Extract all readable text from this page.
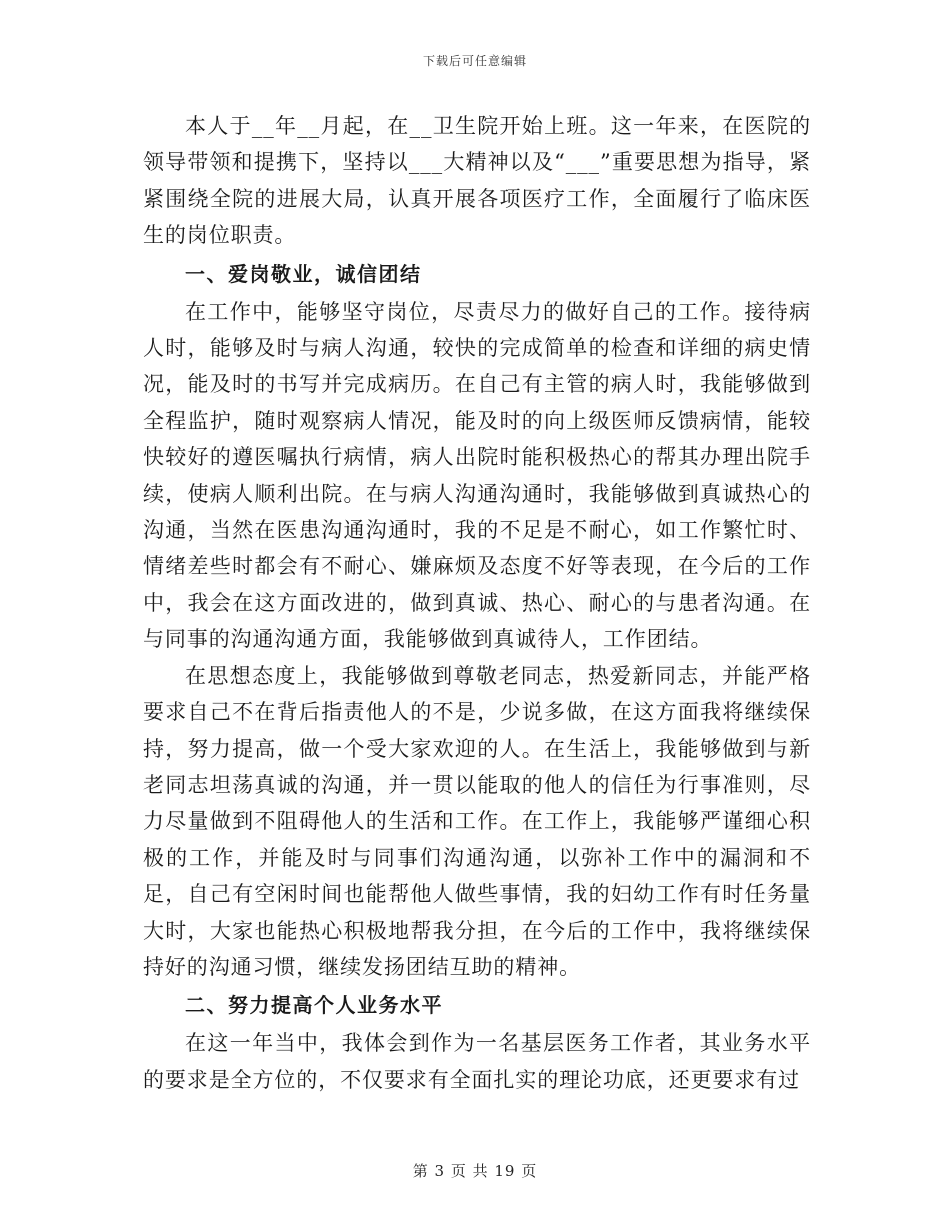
下载后可任意编辑

本人于__年__月起，在__卫生院开始上班。这一年来，在医院的领导带领和提携下，坚持以___大精神以及“___”重要思想为指导，紧紧围绕全院的进展大局，认真开展各项医疗工作，全面履行了临床医生的岗位职责。

一、爱岗敬业，诚信团结

在工作中，能够坚守岗位，尽责尽力的做好自己的工作。接待病人时，能够及时与病人沟通，较快的完成简单的检查和详细的病史情况，能及时的书写并完成病历。在自己有主管的病人时，我能够做到全程监护，随时观察病人情况，能及时的向上级医师反馈病情，能较快较好的遵医嘱执行病情，病人出院时能积极热心的帮其办理出院手续，使病人顺利出院。在与病人沟通沟通时，我能够做到真诚热心的沟通，当然在医患沟通沟通时，我的不足是不耐心，如工作繁忙时、情绪差些时都会有不耐心、嫌麻烦及态度不好等表现，在今后的工作中，我会在这方面改进的，做到真诚、热心、耐心的与患者沟通。在与同事的沟通沟通方面，我能够做到真诚待人，工作团结。

在思想态度上，我能够做到尊敬老同志，热爱新同志，并能严格要求自己不在背后指责他人的不是，少说多做，在这方面我将继续保持，努力提高，做一个受大家欢迎的人。在生活上，我能够做到与新老同志坦荡真诚的沟通，并一贯以能取的他人的信任为行事准则，尽力尽量做到不阻碍他人的生活和工作。在工作上，我能够严谨细心积极的工作，并能及时与同事们沟通沟通，以弥补工作中的漏洞和不足，自己有空闲时间也能帮他人做些事情，我的妇幼工作有时任务量大时，大家也能热心积极地帮我分担，在今后的工作中，我将继续保持好的沟通习惯，继续发扬团结互助的精神。

二、努力提高个人业务水平

在这一年当中，我体会到作为一名基层医务工作者，其业务水平的要求是全方位的，不仅要求有全面扎实的理论功底，还更要求有过

第 3 页 共 19 页
